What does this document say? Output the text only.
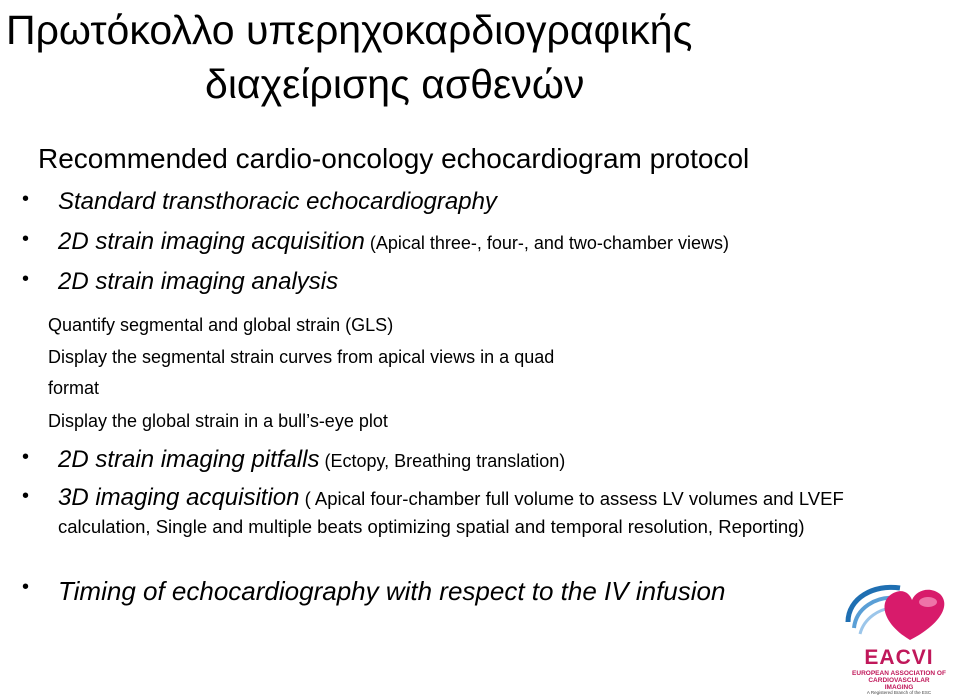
Πρωτόκολλο υπερηχοκαρδιογραφικής
διαχείρισης ασθενών
Recommended cardio-oncology echocardiogram protocol
• Standard transthoracic echocardiography
• 2D strain imaging acquisition (Apical three-, four-, and two-chamber views)
• 2D strain imaging analysis
Quantify segmental and global strain (GLS)
Display the segmental strain curves from apical views in a quad
format
Display the global strain in a bull’s-eye plot
• 2D strain imaging pitfalls (Ectopy, Breathing translation)
• 3D imaging acquisition ( Apical four-chamber full volume to assess LV volumes and LVEF calculation, Single and multiple beats optimizing spatial and temporal resolution, Reporting)
• Timing of echocardiography with respect to the IV infusion
EACVI
EUROPEAN ASSOCIATION OF
CARDIOVASCULAR
IMAGING
A Registered Branch of the ESC
